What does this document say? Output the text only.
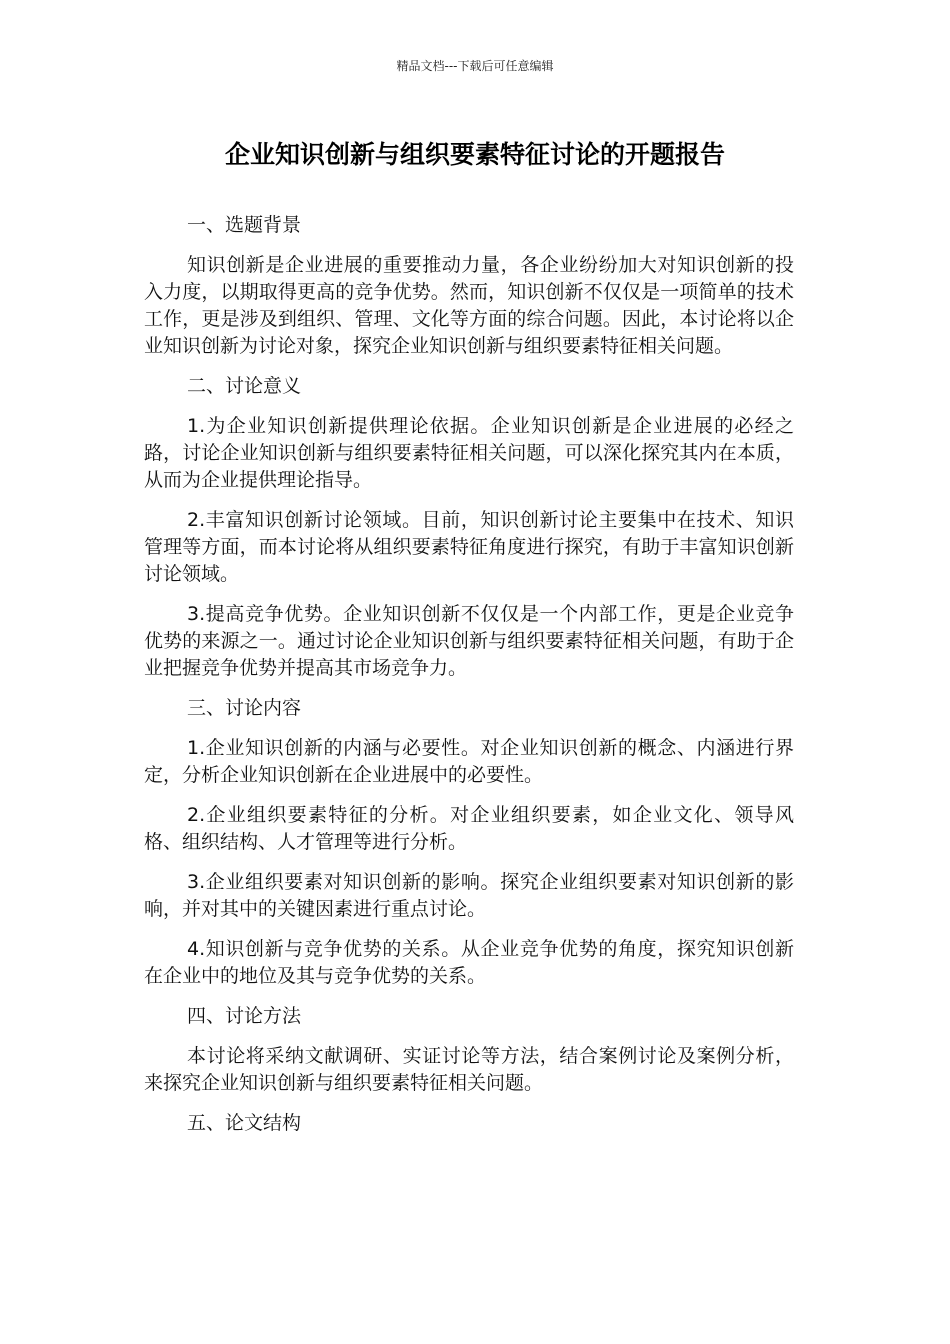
精品文档---下载后可任意编辑
企业知识创新与组织要素特征讨论的开题报告

一、选题背景

知识创新是企业进展的重要推动力量，各企业纷纷加大对知识创新的投入力度，以期取得更高的竞争优势。然而，知识创新不仅仅是一项简单的技术工作，更是涉及到组织、管理、文化等方面的综合问题。因此，本讨论将以企业知识创新为讨论对象，探究企业知识创新与组织要素特征相关问题。

二、讨论意义

1.为企业知识创新提供理论依据。企业知识创新是企业进展的必经之路，讨论企业知识创新与组织要素特征相关问题，可以深化探究其内在本质，从而为企业提供理论指导。

2.丰富知识创新讨论领域。目前，知识创新讨论主要集中在技术、知识管理等方面，而本讨论将从组织要素特征角度进行探究，有助于丰富知识创新讨论领域。

3.提高竞争优势。企业知识创新不仅仅是一个内部工作，更是企业竞争优势的来源之一。通过讨论企业知识创新与组织要素特征相关问题，有助于企业把握竞争优势并提高其市场竞争力。

三、讨论内容

1.企业知识创新的内涵与必要性。对企业知识创新的概念、内涵进行界定，分析企业知识创新在企业进展中的必要性。

2.企业组织要素特征的分析。对企业组织要素，如企业文化、领导风格、组织结构、人才管理等进行分析。

3.企业组织要素对知识创新的影响。探究企业组织要素对知识创新的影响，并对其中的关键因素进行重点讨论。

4.知识创新与竞争优势的关系。从企业竞争优势的角度，探究知识创新在企业中的地位及其与竞争优势的关系。

四、讨论方法

本讨论将采纳文献调研、实证讨论等方法，结合案例讨论及案例分析，来探究企业知识创新与组织要素特征相关问题。

五、论文结构
